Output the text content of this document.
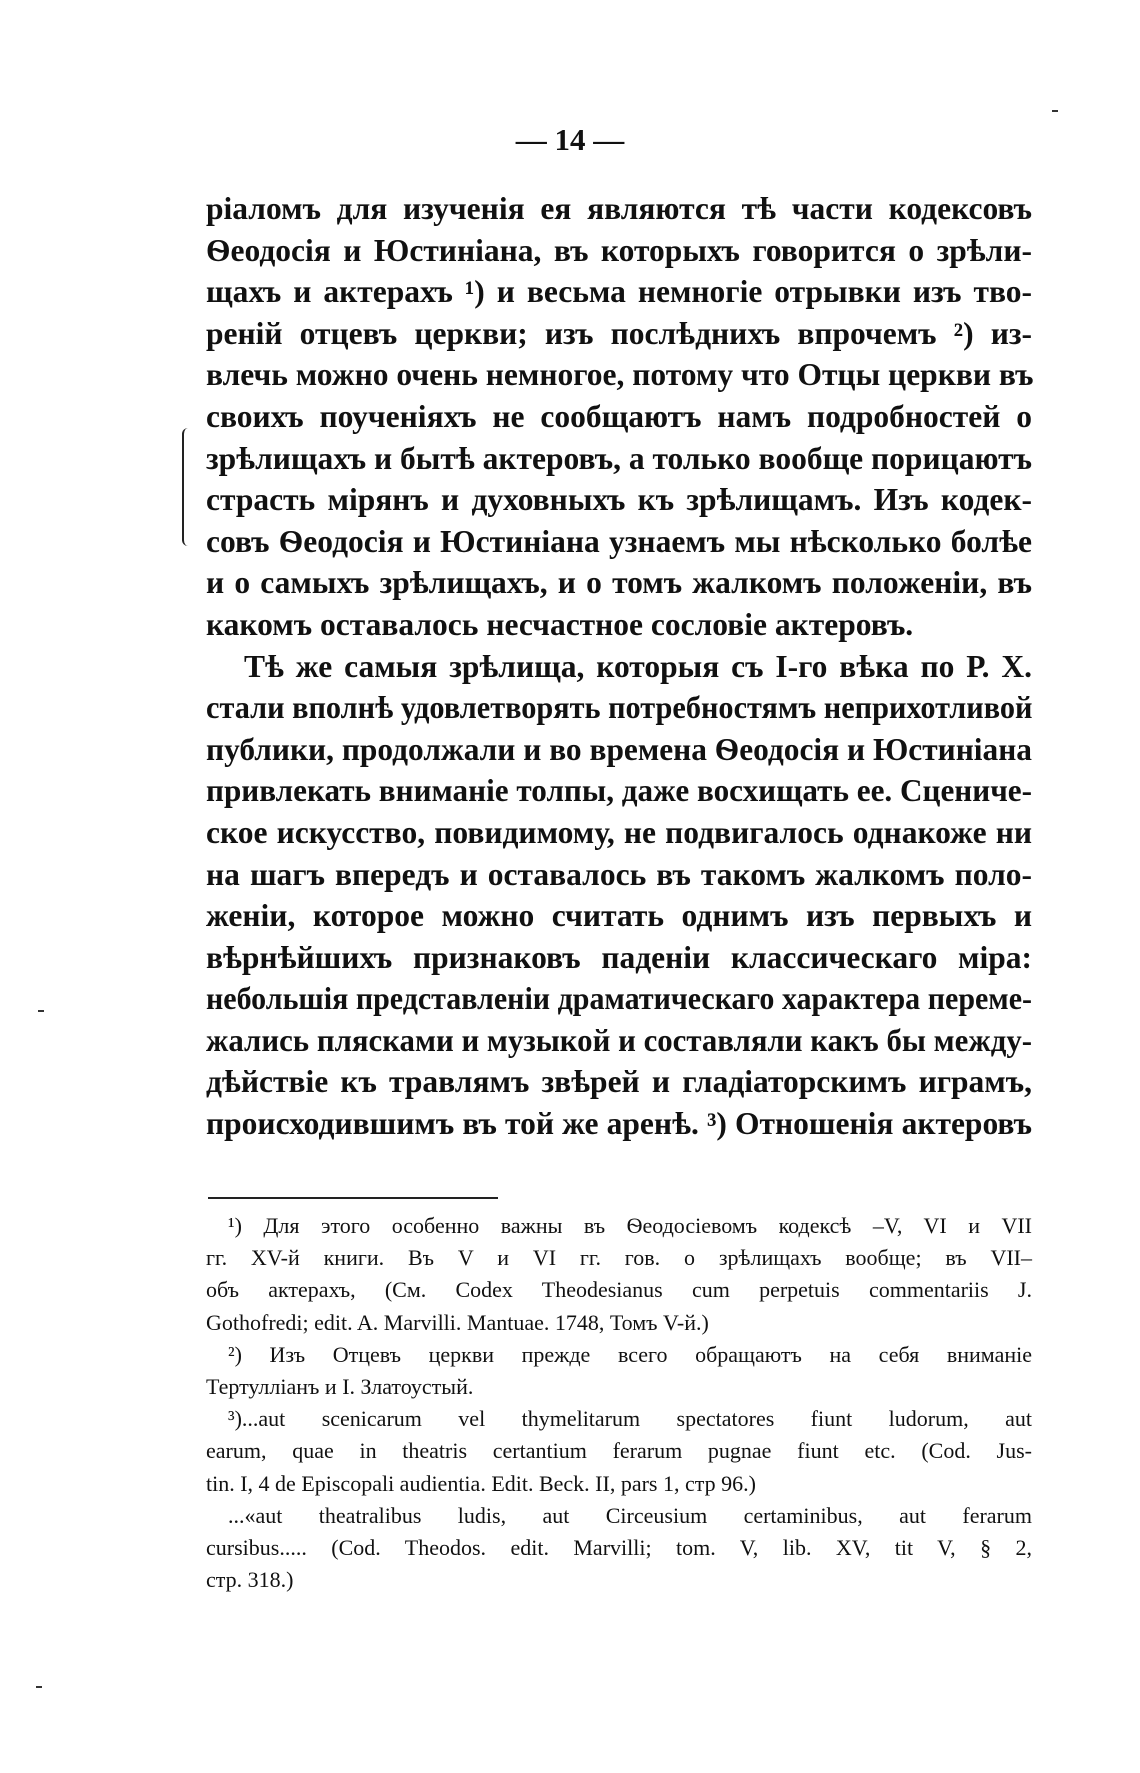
— 14 —
ріаломъ для изученія ея являются тѣ части кодексовъ
Ѳеодосія и Юстиніана, въ которыхъ говорится о зрѣли-
щахъ и актерахъ ¹) и весьма немногіе отрывки изъ тво-
реній отцевъ церкви; изъ послѣднихъ впрочемъ ²) из-
влечь можно очень немногое, потому что Отцы церкви въ
своихъ поученіяхъ не сообщаютъ намъ подробностей о
зрѣлищахъ и бытѣ актеровъ, а только вообще порицаютъ
страсть мірянъ и духовныхъ къ зрѣлищамъ. Изъ кодек-
совъ Ѳеодосія и Юстиніана узнаемъ мы нѣсколько болѣе
и о самыхъ зрѣлищахъ, и о томъ жалкомъ положеніи, въ
какомъ оставалось несчастное сословіе актеровъ.
Тѣ же самыя зрѣлища, которыя съ I-го вѣка по Р. Х.
стали вполнѣ удовлетворять потребностямъ неприхотливой
публики, продолжали и во времена Ѳеодосія и Юстиніана
привлекать вниманіе толпы, даже восхищать ее. Сцениче-
ское искусство, повидимому, не подвигалось однакоже ни
на шагъ впередъ и оставалось въ такомъ жалкомъ поло-
женіи, которое можно считать однимъ изъ первыхъ и
вѣрнѣйшихъ признаковъ паденіи классическаго міра:
небольшія представленіи драматическаго характера переме-
жались плясками и музыкой и составляли какъ бы между-
дѣйствіе къ травлямъ звѣрей и гладіаторскимъ играмъ,
происходившимъ въ той же аренѣ. ³) Отношенія актеровъ
¹) Для этого особенно важны въ Ѳеодосіевомъ кодексѣ –V, VI и VII
гг. XV-й книги. Въ V и VI гг. гов. о зрѣлищахъ вообще; въ VII–
объ актерахъ, (См. Codex Theodesianus cum perpetuis commentariis J.
Gothofredi; edit. A. Marvilli. Mantuae. 1748, Томъ V-й.)
²) Изъ Отцевъ церкви прежде всего обращаютъ на себя вниманіе
Тертулліанъ и I. Златоустый.
³)...aut scenicarum vel thymelitarum spectatores fiunt ludorum, aut
earum, quae in theatris certantium ferarum pugnae fiunt etc. (Cod. Jus-
tin. I, 4 de Episcopali audientia. Edit. Beck. II, pars 1, стр 96.)
...«aut theatralibus ludis, aut Circeusium certaminibus, aut ferarum
cursibus..... (Cod. Theodos. edit. Marvilli; tom. V, lib. XV, tit V, § 2,
стр. 318.)
